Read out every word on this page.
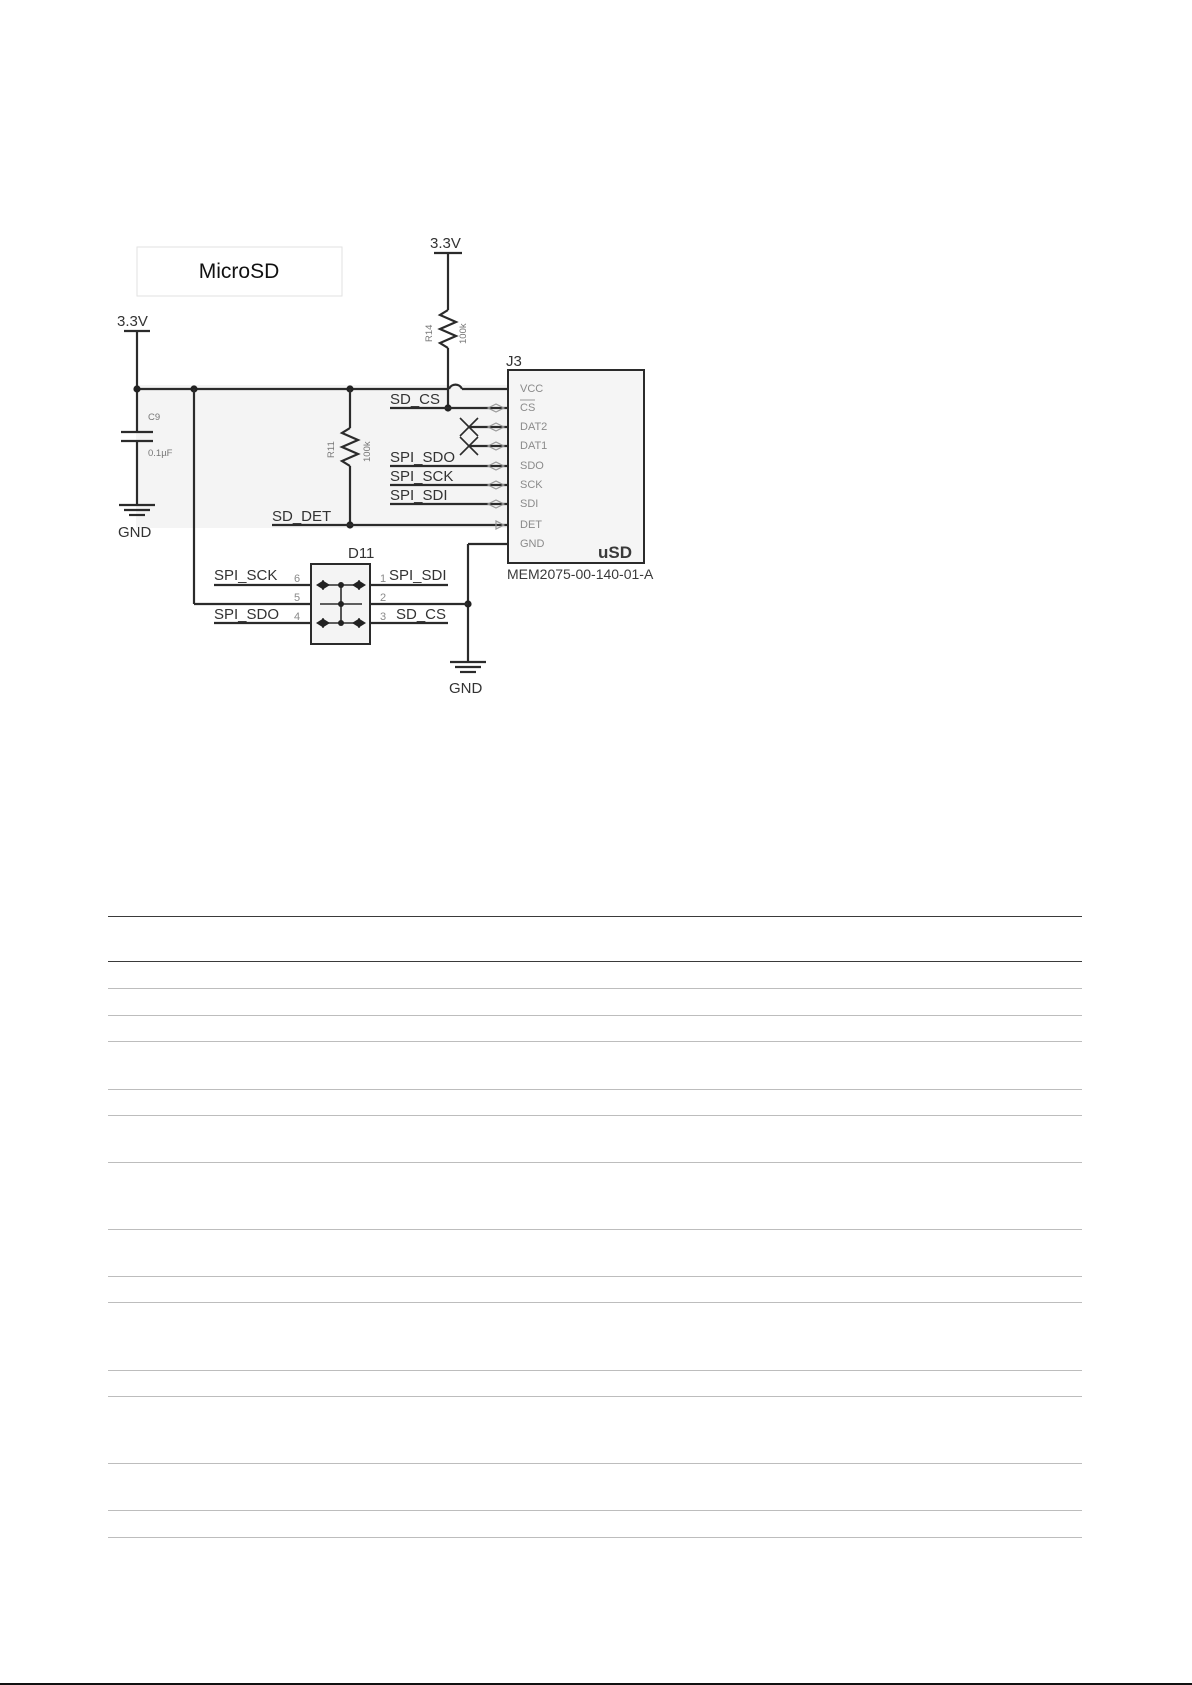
MicroSD
3.3V
C9
0.1µF
GND
R11	100k
SD_DET
3.3V
R14 100k
SD_CS
SPI_SDO
SPI_SCK
SPI_SDI
J3
VCC
CS
DAT2
DAT1
SDO
SCK
SDI
DET
GND	uSD
MEM2075-00-140-01-A
GND
D11
6
5
4
1
2
3
SPI_SCK
SPI_SDO
SPI_SDI
SD_CS
